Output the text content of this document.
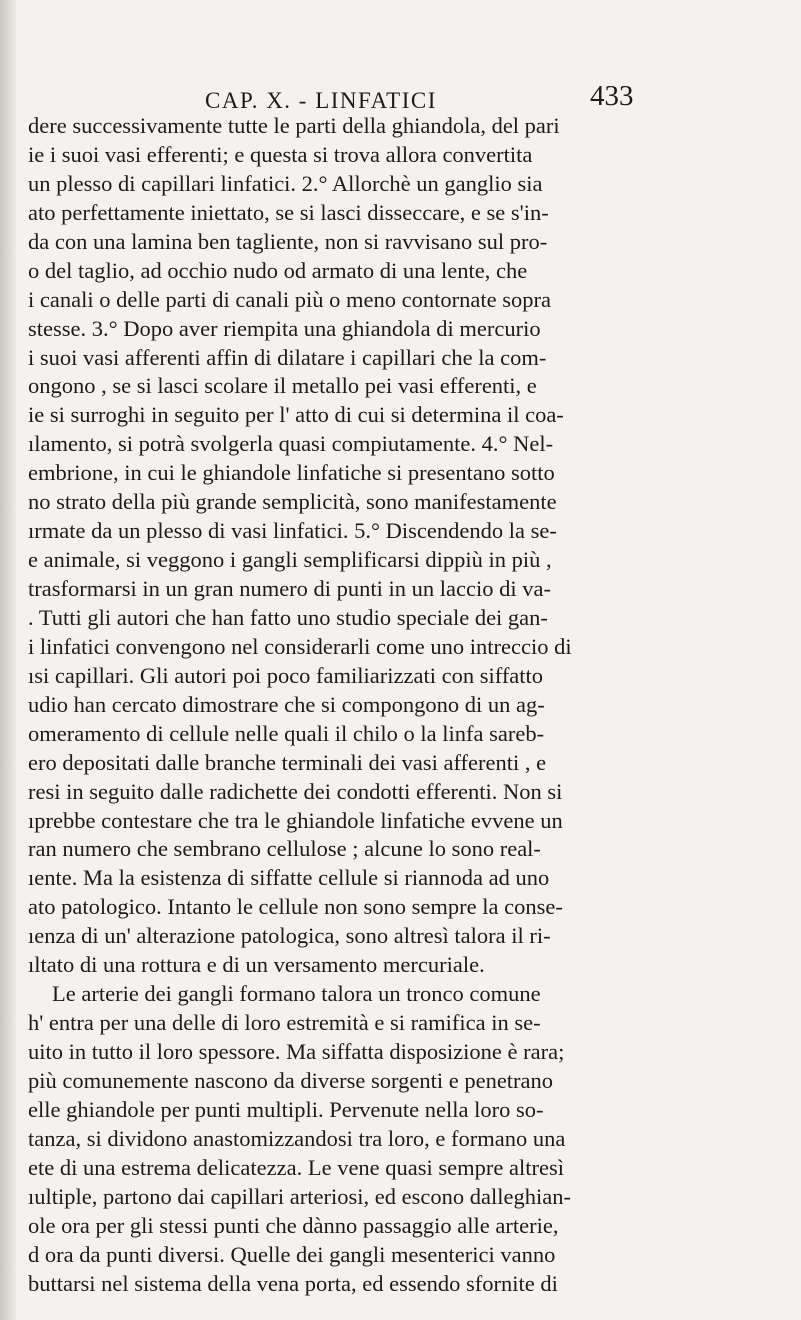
CAP. X. - LINFATICI	433
dere successivamente tutte le parti della ghiandola, del pari
ie i suoi vasi efferenti; e questa si trova allora convertita
un plesso di capillari linfatici. 2.° Allorchè un ganglio sia
ato perfettamente iniettato, se si lasci disseccare, e se s'in-
da con una lamina ben tagliente, non si ravvisano sul pro-
o del taglio, ad occhio nudo od armato di una lente, che
i canali o delle parti di canali più o meno contornate sopra
stesse. 3.° Dopo aver riempita una ghiandola di mercurio
i suoi vasi afferenti affin di dilatare i capillari che la com-
ongono , se si lasci scolare il metallo pei vasi efferenti, e
ie si surroghi in seguito per l' atto di cui si determina il coa-
ılamento, si potrà svolgerla quasi compiutamente. 4.° Nel-
embrione, in cui le ghiandole linfatiche si presentano sotto
no strato della più grande semplicità, sono manifestamente
ırmate da un plesso di vasi linfatici. 5.° Discendendo la se-
e animale, si veggono i gangli semplificarsi dippiù in più ,
trasformarsi in un gran numero di punti in un laccio di va-
. Tutti gli autori che han fatto uno studio speciale dei gan-
i linfatici convengono nel considerarli come uno intreccio di
ısi capillari. Gli autori poi poco familiarizzati con siffatto
udio han cercato dimostrare che si compongono di un ag-
omeramento di cellule nelle quali il chilo o la linfa sareb-
ero depositati dalle branche terminali dei vasi afferenti , e
resi in seguito dalle radichette dei condotti efferenti. Non si
ıprebbe contestare che tra le ghiandole linfatiche evvene un
ran numero che sembrano cellulose ; alcune lo sono real-
ıente. Ma la esistenza di siffatte cellule si riannoda ad uno
ato patologico. Intanto le cellule non sono sempre la conse-
ıenza di un' alterazione patologica, sono altresì talora il ri-
ıltato di una rottura e di un versamento mercuriale.
Le arterie dei gangli formano talora un tronco comune
h' entra per una delle di loro estremità e si ramifica in se-
uito in tutto il loro spessore. Ma siffatta disposizione è rara;
più comunemente nascono da diverse sorgenti e penetrano
elle ghiandole per punti multipli. Pervenute nella loro so-
tanza, si dividono anastomizzandosi tra loro, e formano una
ete di una estrema delicatezza. Le vene quasi sempre altresì
ıultiple, partono dai capillari arteriosi, ed escono dalleghian-
ole ora per gli stessi punti che dànno passaggio alle arterie,
d ora da punti diversi. Quelle dei gangli mesenterici vanno
buttarsi nel sistema della vena porta, ed essendo sfornite di
